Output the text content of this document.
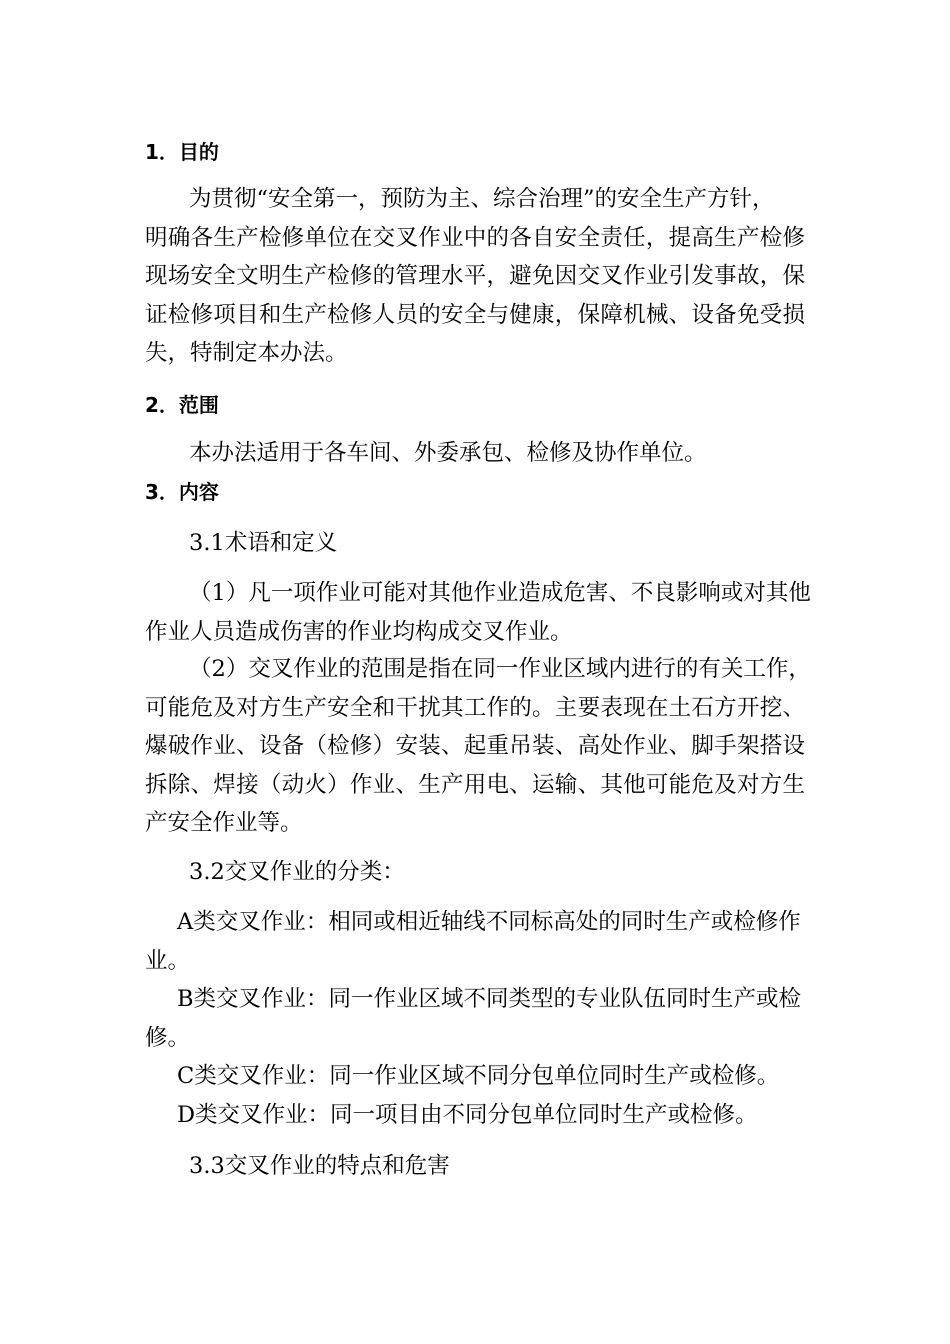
1．目的
为贯彻“安全第一，预防为主、综合治理”的安全生产方针，
明确各生产检修单位在交叉作业中的各自安全责任，提高生产检修
现场安全文明生产检修的管理水平，避免因交叉作业引发事故，保
证检修项目和生产检修人员的安全与健康，保障机械、设备免受损
失，特制定本办法。
2．范围
本办法适用于各车间、外委承包、检修及协作单位。
3．内容
3.1术语和定义
（1）凡一项作业可能对其他作业造成危害、不良影响或对其他
作业人员造成伤害的作业均构成交叉作业。
（2）交叉作业的范围是指在同一作业区域内进行的有关工作，
可能危及对方生产安全和干扰其工作的。主要表现在土石方开挖、
爆破作业、设备（检修）安装、起重吊装、高处作业、脚手架搭设
拆除、焊接（动火）作业、生产用电、运输、其他可能危及对方生
产安全作业等。
3.2交叉作业的分类：
A类交叉作业：相同或相近轴线不同标高处的同时生产或检修作
业。
B类交叉作业：同一作业区域不同类型的专业队伍同时生产或检
修。
C类交叉作业：同一作业区域不同分包单位同时生产或检修。
D类交叉作业：同一项目由不同分包单位同时生产或检修。
3.3交叉作业的特点和危害
